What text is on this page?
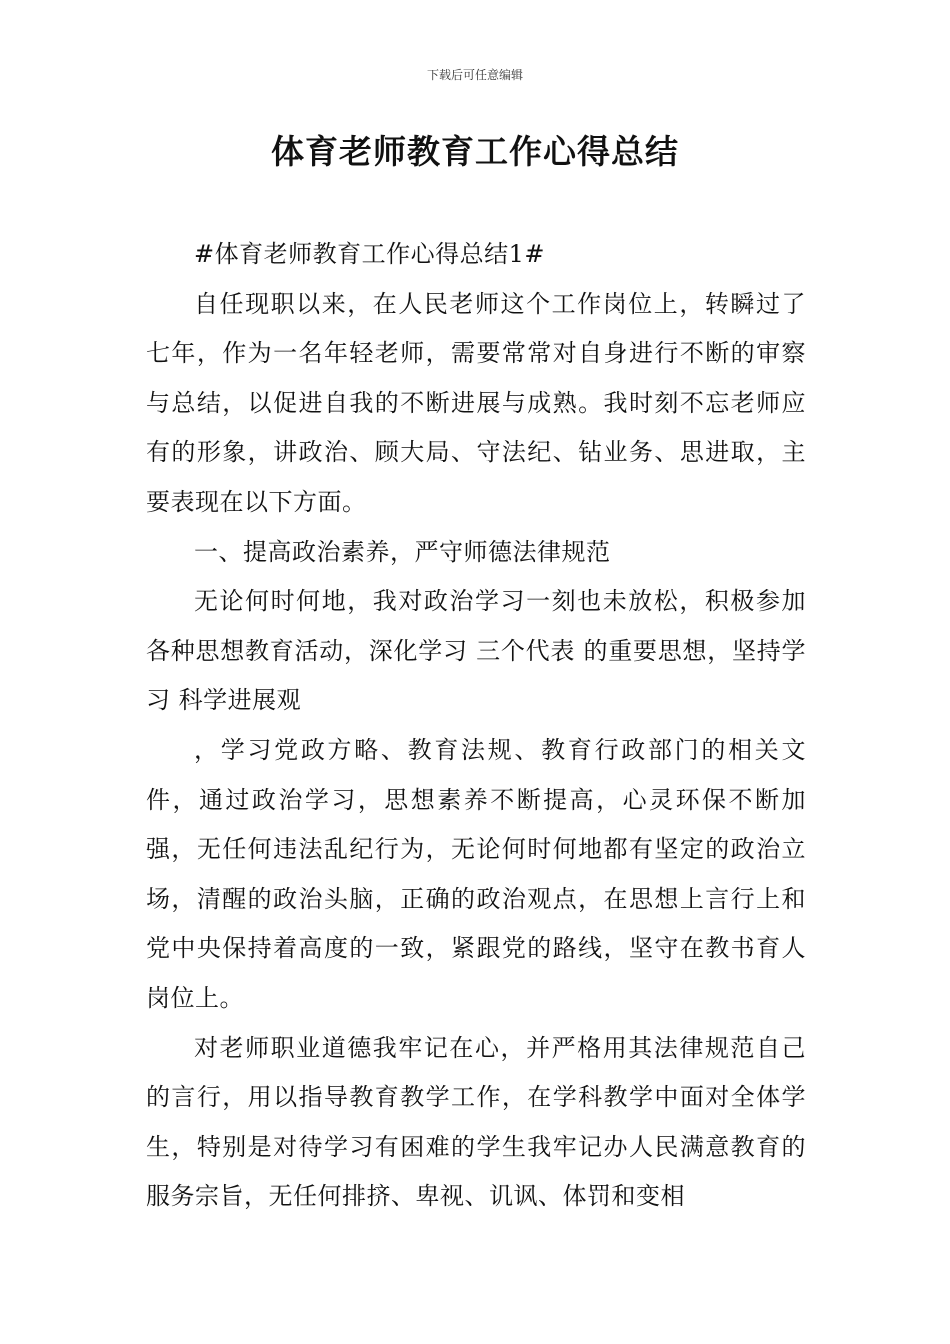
下载后可任意编辑
体育老师教育工作心得总结

#体育老师教育工作心得总结1#

自任现职以来，在人民老师这个工作岗位上，转瞬过了七年，作为一名年轻老师，需要常常对自身进行不断的审察与总结，以促进自我的不断进展与成熟。我时刻不忘老师应有的形象，讲政治、顾大局、守法纪、钻业务、思进取，主要表现在以下方面。

一、提高政治素养，严守师德法律规范

无论何时何地，我对政治学习一刻也未放松，积极参加各种思想教育活动，深化学习 三个代表 的重要思想，坚持学习 科学进展观

，学习党政方略、教育法规、教育行政部门的相关文件，通过政治学习，思想素养不断提高，心灵环保不断加强，无任何违法乱纪行为，无论何时何地都有坚定的政治立场，清醒的政治头脑，正确的政治观点，在思想上言行上和党中央保持着高度的一致，紧跟党的路线，坚守在教书育人岗位上。

对老师职业道德我牢记在心，并严格用其法律规范自己的言行，用以指导教育教学工作，在学科教学中面对全体学生，特别是对待学习有困难的学生我牢记办人民满意教育的服务宗旨，无任何排挤、卑视、讥讽、体罚和变相
